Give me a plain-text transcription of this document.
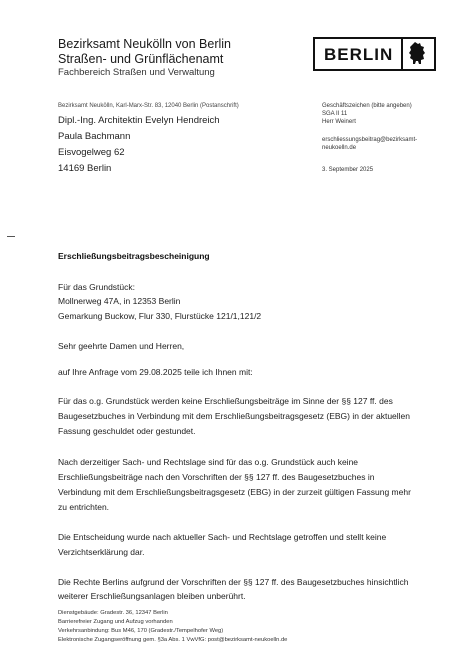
Bezirksamt Neukölln von Berlin
Straßen- und Grünflächenamt
Fachbereich Straßen und Verwaltung
BERLIN
Bezirksamt Neukölln, Karl-Marx-Str. 83, 12040 Berlin (Postanschrift)
Dipl.-Ing. Architektin Evelyn Hendreich
Paula Bachmann
Eisvogelweg 62
14169 Berlin
Geschäftszeichen (bitte angeben)
SGA II 11
Herr Weinert
erschliessungsbeitrag@bezirksamt-
neukoelln.de
3. September 2025
Erschließungsbeitragsbescheinigung
Für das Grundstück:
Mollnerweg 47A, in 12353 Berlin
Gemarkung Buckow, Flur 330, Flurstücke 121/1,121/2
Sehr geehrte Damen und Herren,
auf Ihre Anfrage vom 29.08.2025 teile ich Ihnen mit:
Für das o.g. Grundstück werden keine Erschließungsbeiträge im Sinne der §§ 127 ff. des
Baugesetzbuches in Verbindung mit dem Erschließungsbeitragsgesetz (EBG) in der aktuellen
Fassung geschuldet oder gestundet.
Nach derzeitiger Sach- und Rechtslage sind für das o.g. Grundstück auch keine
Erschließungsbeiträge nach den Vorschriften der §§ 127 ff. des Baugesetzbuches in
Verbindung mit dem Erschließungsbeitragsgesetz (EBG) in der zurzeit gültigen Fassung mehr
zu entrichten.
Die Entscheidung wurde nach aktueller Sach- und Rechtslage getroffen und stellt keine
Verzichtserklärung dar.
Die Rechte Berlins aufgrund der Vorschriften der §§ 127 ff. des Baugesetzbuches hinsichtlich
weiterer Erschließungsanlagen bleiben unberührt.
Dienstgebäude: Gradestr. 36, 12347 Berlin
Barrierefreier Zugang und Aufzug vorhanden
Verkehrsanbindung: Bus M46, 170 (Gradestr./Tempelhofer Weg)
Elektronische Zugangseröffnung gem. §3a Abs. 1 VwVfG: post@bezirksamt-neukoelln.de
